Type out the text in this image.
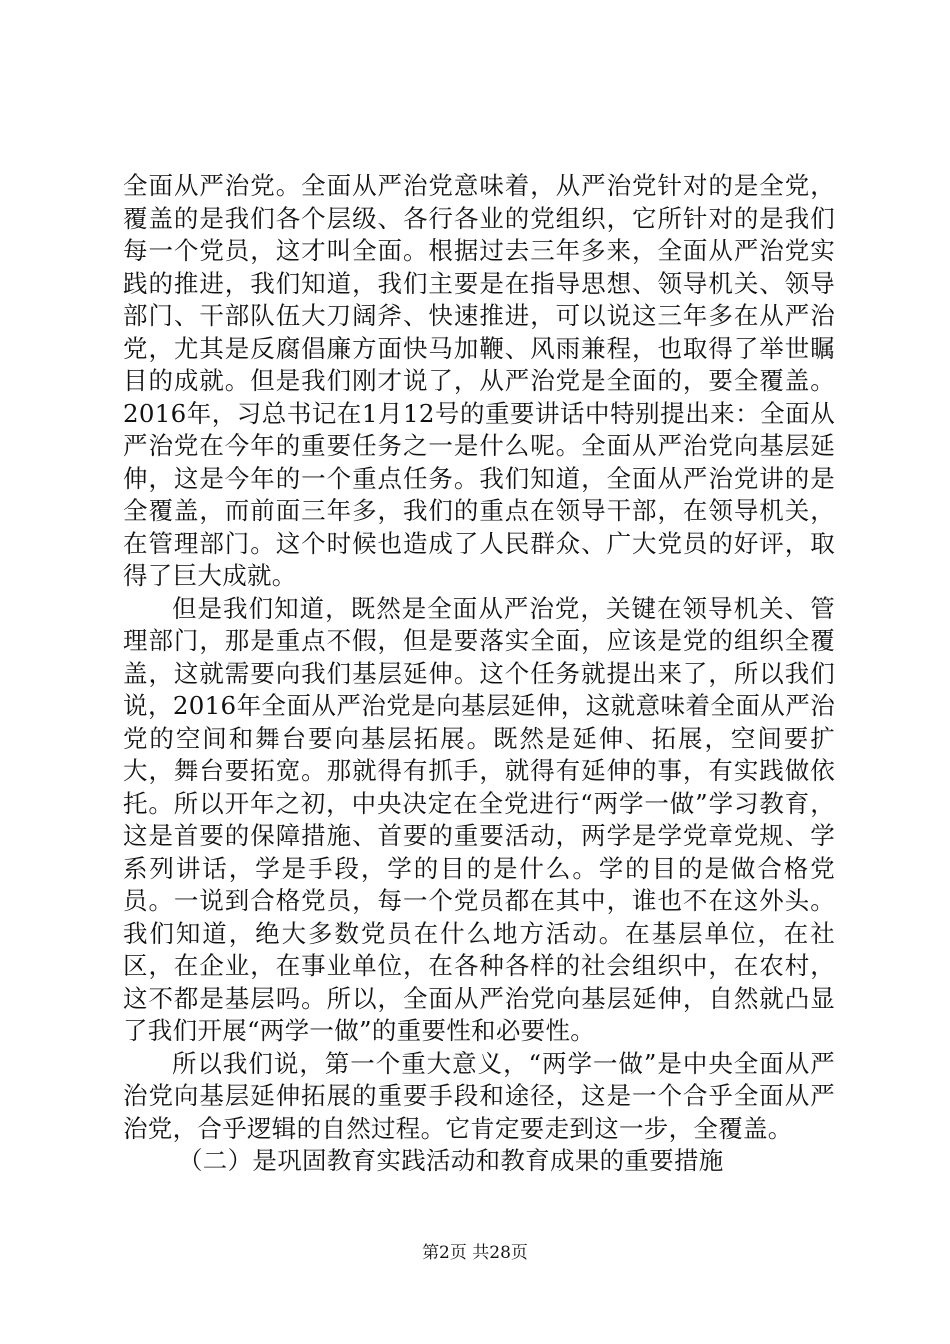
全面从严治党。全面从严治党意味着，从严治党针对的是全党，覆盖的是我们各个层级、各行各业的党组织，它所针对的是我们每一个党员，这才叫全面。根据过去三年多来，全面从严治党实践的推进，我们知道，我们主要是在指导思想、领导机关、领导部门、干部队伍大刀阔斧、快速推进，可以说这三年多在从严治党，尤其是反腐倡廉方面快马加鞭、风雨兼程，也取得了举世瞩目的成就。但是我们刚才说了，从严治党是全面的，要全覆盖。2016年，习总书记在1月12号的重要讲话中特别提出来：全面从严治党在今年的重要任务之一是什么呢。全面从严治党向基层延伸，这是今年的一个重点任务。我们知道，全面从严治党讲的是全覆盖，而前面三年多，我们的重点在领导干部，在领导机关，在管理部门。这个时候也造成了人民群众、广大党员的好评，取得了巨大成就。

但是我们知道，既然是全面从严治党，关键在领导机关、管理部门，那是重点不假，但是要落实全面，应该是党的组织全覆盖，这就需要向我们基层延伸。这个任务就提出来了，所以我们说，2016年全面从严治党是向基层延伸，这就意味着全面从严治党的空间和舞台要向基层拓展。既然是延伸、拓展，空间要扩大，舞台要拓宽。那就得有抓手，就得有延伸的事，有实践做依托。所以开年之初，中央决定在全党进行“两学一做”学习教育，这是首要的保障措施、首要的重要活动，两学是学党章党规、学系列讲话，学是手段，学的目的是什么。学的目的是做合格党员。一说到合格党员，每一个党员都在其中，谁也不在这外头。我们知道，绝大多数党员在什么地方活动。在基层单位，在社区，在企业，在事业单位，在各种各样的社会组织中，在农村，这不都是基层吗。所以，全面从严治党向基层延伸，自然就凸显了我们开展“两学一做”的重要性和必要性。

所以我们说，第一个重大意义，“两学一做”是中央全面从严治党向基层延伸拓展的重要手段和途径，这是一个合乎全面从严治党，合乎逻辑的自然过程。它肯定要走到这一步，全覆盖。

（二）是巩固教育实践活动和教育成果的重要措施

第2页 共28页
